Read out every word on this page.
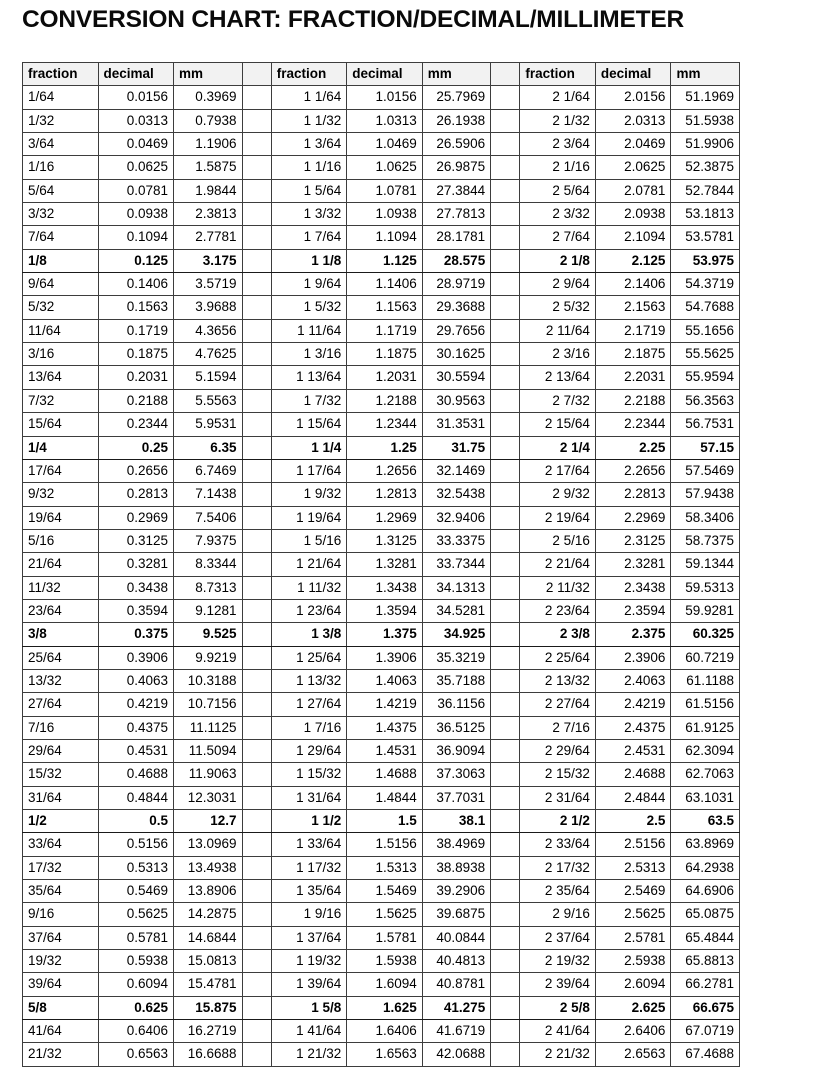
CONVERSION CHART: FRACTION/DECIMAL/MILLIMETER
fraction	decimal	mm		fraction	decimal	mm		fraction	decimal	mm
1/64	0.0156	0.3969		1 1/64	1.0156	25.7969		2 1/64	2.0156	51.1969
1/32	0.0313	0.7938		1 1/32	1.0313	26.1938		2 1/32	2.0313	51.5938
3/64	0.0469	1.1906		1 3/64	1.0469	26.5906		2 3/64	2.0469	51.9906
1/16	0.0625	1.5875		1 1/16	1.0625	26.9875		2 1/16	2.0625	52.3875
5/64	0.0781	1.9844		1 5/64	1.0781	27.3844		2 5/64	2.0781	52.7844
3/32	0.0938	2.3813		1 3/32	1.0938	27.7813		2 3/32	2.0938	53.1813
7/64	0.1094	2.7781		1 7/64	1.1094	28.1781		2 7/64	2.1094	53.5781
1/8	0.125	3.175		1 1/8	1.125	28.575		2 1/8	2.125	53.975
9/64	0.1406	3.5719		1 9/64	1.1406	28.9719		2 9/64	2.1406	54.3719
5/32	0.1563	3.9688		1 5/32	1.1563	29.3688		2 5/32	2.1563	54.7688
11/64	0.1719	4.3656		1 11/64	1.1719	29.7656		2 11/64	2.1719	55.1656
3/16	0.1875	4.7625		1 3/16	1.1875	30.1625		2 3/16	2.1875	55.5625
13/64	0.2031	5.1594		1 13/64	1.2031	30.5594		2 13/64	2.2031	55.9594
7/32	0.2188	5.5563		1 7/32	1.2188	30.9563		2 7/32	2.2188	56.3563
15/64	0.2344	5.9531		1 15/64	1.2344	31.3531		2 15/64	2.2344	56.7531
1/4	0.25	6.35		1 1/4	1.25	31.75		2 1/4	2.25	57.15
17/64	0.2656	6.7469		1 17/64	1.2656	32.1469		2 17/64	2.2656	57.5469
9/32	0.2813	7.1438		1 9/32	1.2813	32.5438		2 9/32	2.2813	57.9438
19/64	0.2969	7.5406		1 19/64	1.2969	32.9406		2 19/64	2.2969	58.3406
5/16	0.3125	7.9375		1 5/16	1.3125	33.3375		2 5/16	2.3125	58.7375
21/64	0.3281	8.3344		1 21/64	1.3281	33.7344		2 21/64	2.3281	59.1344
11/32	0.3438	8.7313		1 11/32	1.3438	34.1313		2 11/32	2.3438	59.5313
23/64	0.3594	9.1281		1 23/64	1.3594	34.5281		2 23/64	2.3594	59.9281
3/8	0.375	9.525		1 3/8	1.375	34.925		2 3/8	2.375	60.325
25/64	0.3906	9.9219		1 25/64	1.3906	35.3219		2 25/64	2.3906	60.7219
13/32	0.4063	10.3188		1 13/32	1.4063	35.7188		2 13/32	2.4063	61.1188
27/64	0.4219	10.7156		1 27/64	1.4219	36.1156		2 27/64	2.4219	61.5156
7/16	0.4375	11.1125		1 7/16	1.4375	36.5125		2 7/16	2.4375	61.9125
29/64	0.4531	11.5094		1 29/64	1.4531	36.9094		2 29/64	2.4531	62.3094
15/32	0.4688	11.9063		1 15/32	1.4688	37.3063		2 15/32	2.4688	62.7063
31/64	0.4844	12.3031		1 31/64	1.4844	37.7031		2 31/64	2.4844	63.1031
1/2	0.5	12.7		1 1/2	1.5	38.1		2 1/2	2.5	63.5
33/64	0.5156	13.0969		1 33/64	1.5156	38.4969		2 33/64	2.5156	63.8969
17/32	0.5313	13.4938		1 17/32	1.5313	38.8938		2 17/32	2.5313	64.2938
35/64	0.5469	13.8906		1 35/64	1.5469	39.2906		2 35/64	2.5469	64.6906
9/16	0.5625	14.2875		1 9/16	1.5625	39.6875		2 9/16	2.5625	65.0875
37/64	0.5781	14.6844		1 37/64	1.5781	40.0844		2 37/64	2.5781	65.4844
19/32	0.5938	15.0813		1 19/32	1.5938	40.4813		2 19/32	2.5938	65.8813
39/64	0.6094	15.4781		1 39/64	1.6094	40.8781		2 39/64	2.6094	66.2781
5/8	0.625	15.875		1 5/8	1.625	41.275		2 5/8	2.625	66.675
41/64	0.6406	16.2719		1 41/64	1.6406	41.6719		2 41/64	2.6406	67.0719
21/32	0.6563	16.6688		1 21/32	1.6563	42.0688		2 21/32	2.6563	67.4688
